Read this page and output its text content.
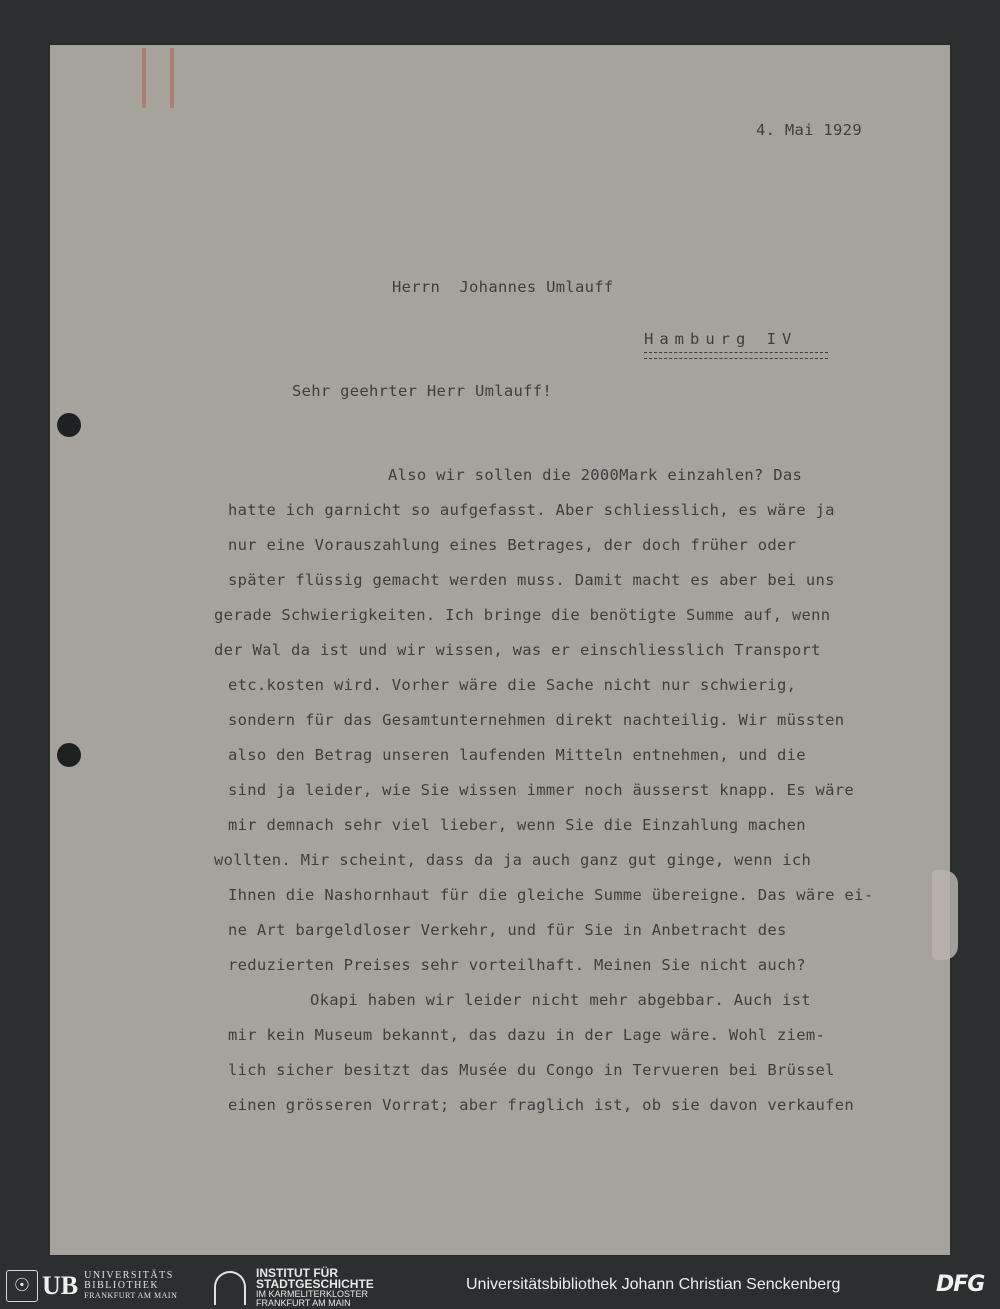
4. Mai 1929
Herrn  Johannes Umlauff
Hamburg IV
Sehr geehrter Herr Umlauff!
Also wir sollen die 2000Mark einzahlen? Das
hatte ich garnicht so aufgefasst. Aber schliesslich, es wäre ja
nur eine Vorauszahlung eines Betrages, der doch früher oder
später flüssig gemacht werden muss. Damit macht es aber bei uns
gerade Schwierigkeiten. Ich bringe die benötigte Summe auf, wenn
der Wal da ist und wir wissen, was er einschliesslich Transport
etc.kosten wird. Vorher wäre die Sache nicht nur schwierig,
sondern für das Gesamtunternehmen direkt nachteilig. Wir müssten
also den Betrag unseren laufenden Mitteln entnehmen, und die
sind ja leider, wie Sie wissen immer noch äusserst knapp. Es wäre
mir demnach sehr viel lieber, wenn Sie die Einzahlung machen
wollten. Mir scheint, dass da ja auch ganz gut ginge, wenn ich
Ihnen die Nashornhaut für die gleiche Summe übereigne. Das wäre ei-
ne Art bargeldloser Verkehr, und für Sie in Anbetracht des
reduzierten Preises sehr vorteilhaft. Meinen Sie nicht auch?
Okapi haben wir leider nicht mehr abgebbar. Auch ist
mir kein Museum bekannt, das dazu in der Lage wäre. Wohl ziem-
lich sicher besitzt das Musée du Congo in Tervueren bei Brüssel
einen grösseren Vorrat; aber fraglich ist, ob sie davon verkaufen
☉ UB UNIVERSITÄTS
BIBLIOTHEK
FRANKFURT AM MAIN
INSTITUT FÜR
STADTGESCHICHTE
IM KARMELITERKLOSTER
FRANKFURT AM MAIN
Universitätsbibliothek Johann Christian Senckenberg	DFG
